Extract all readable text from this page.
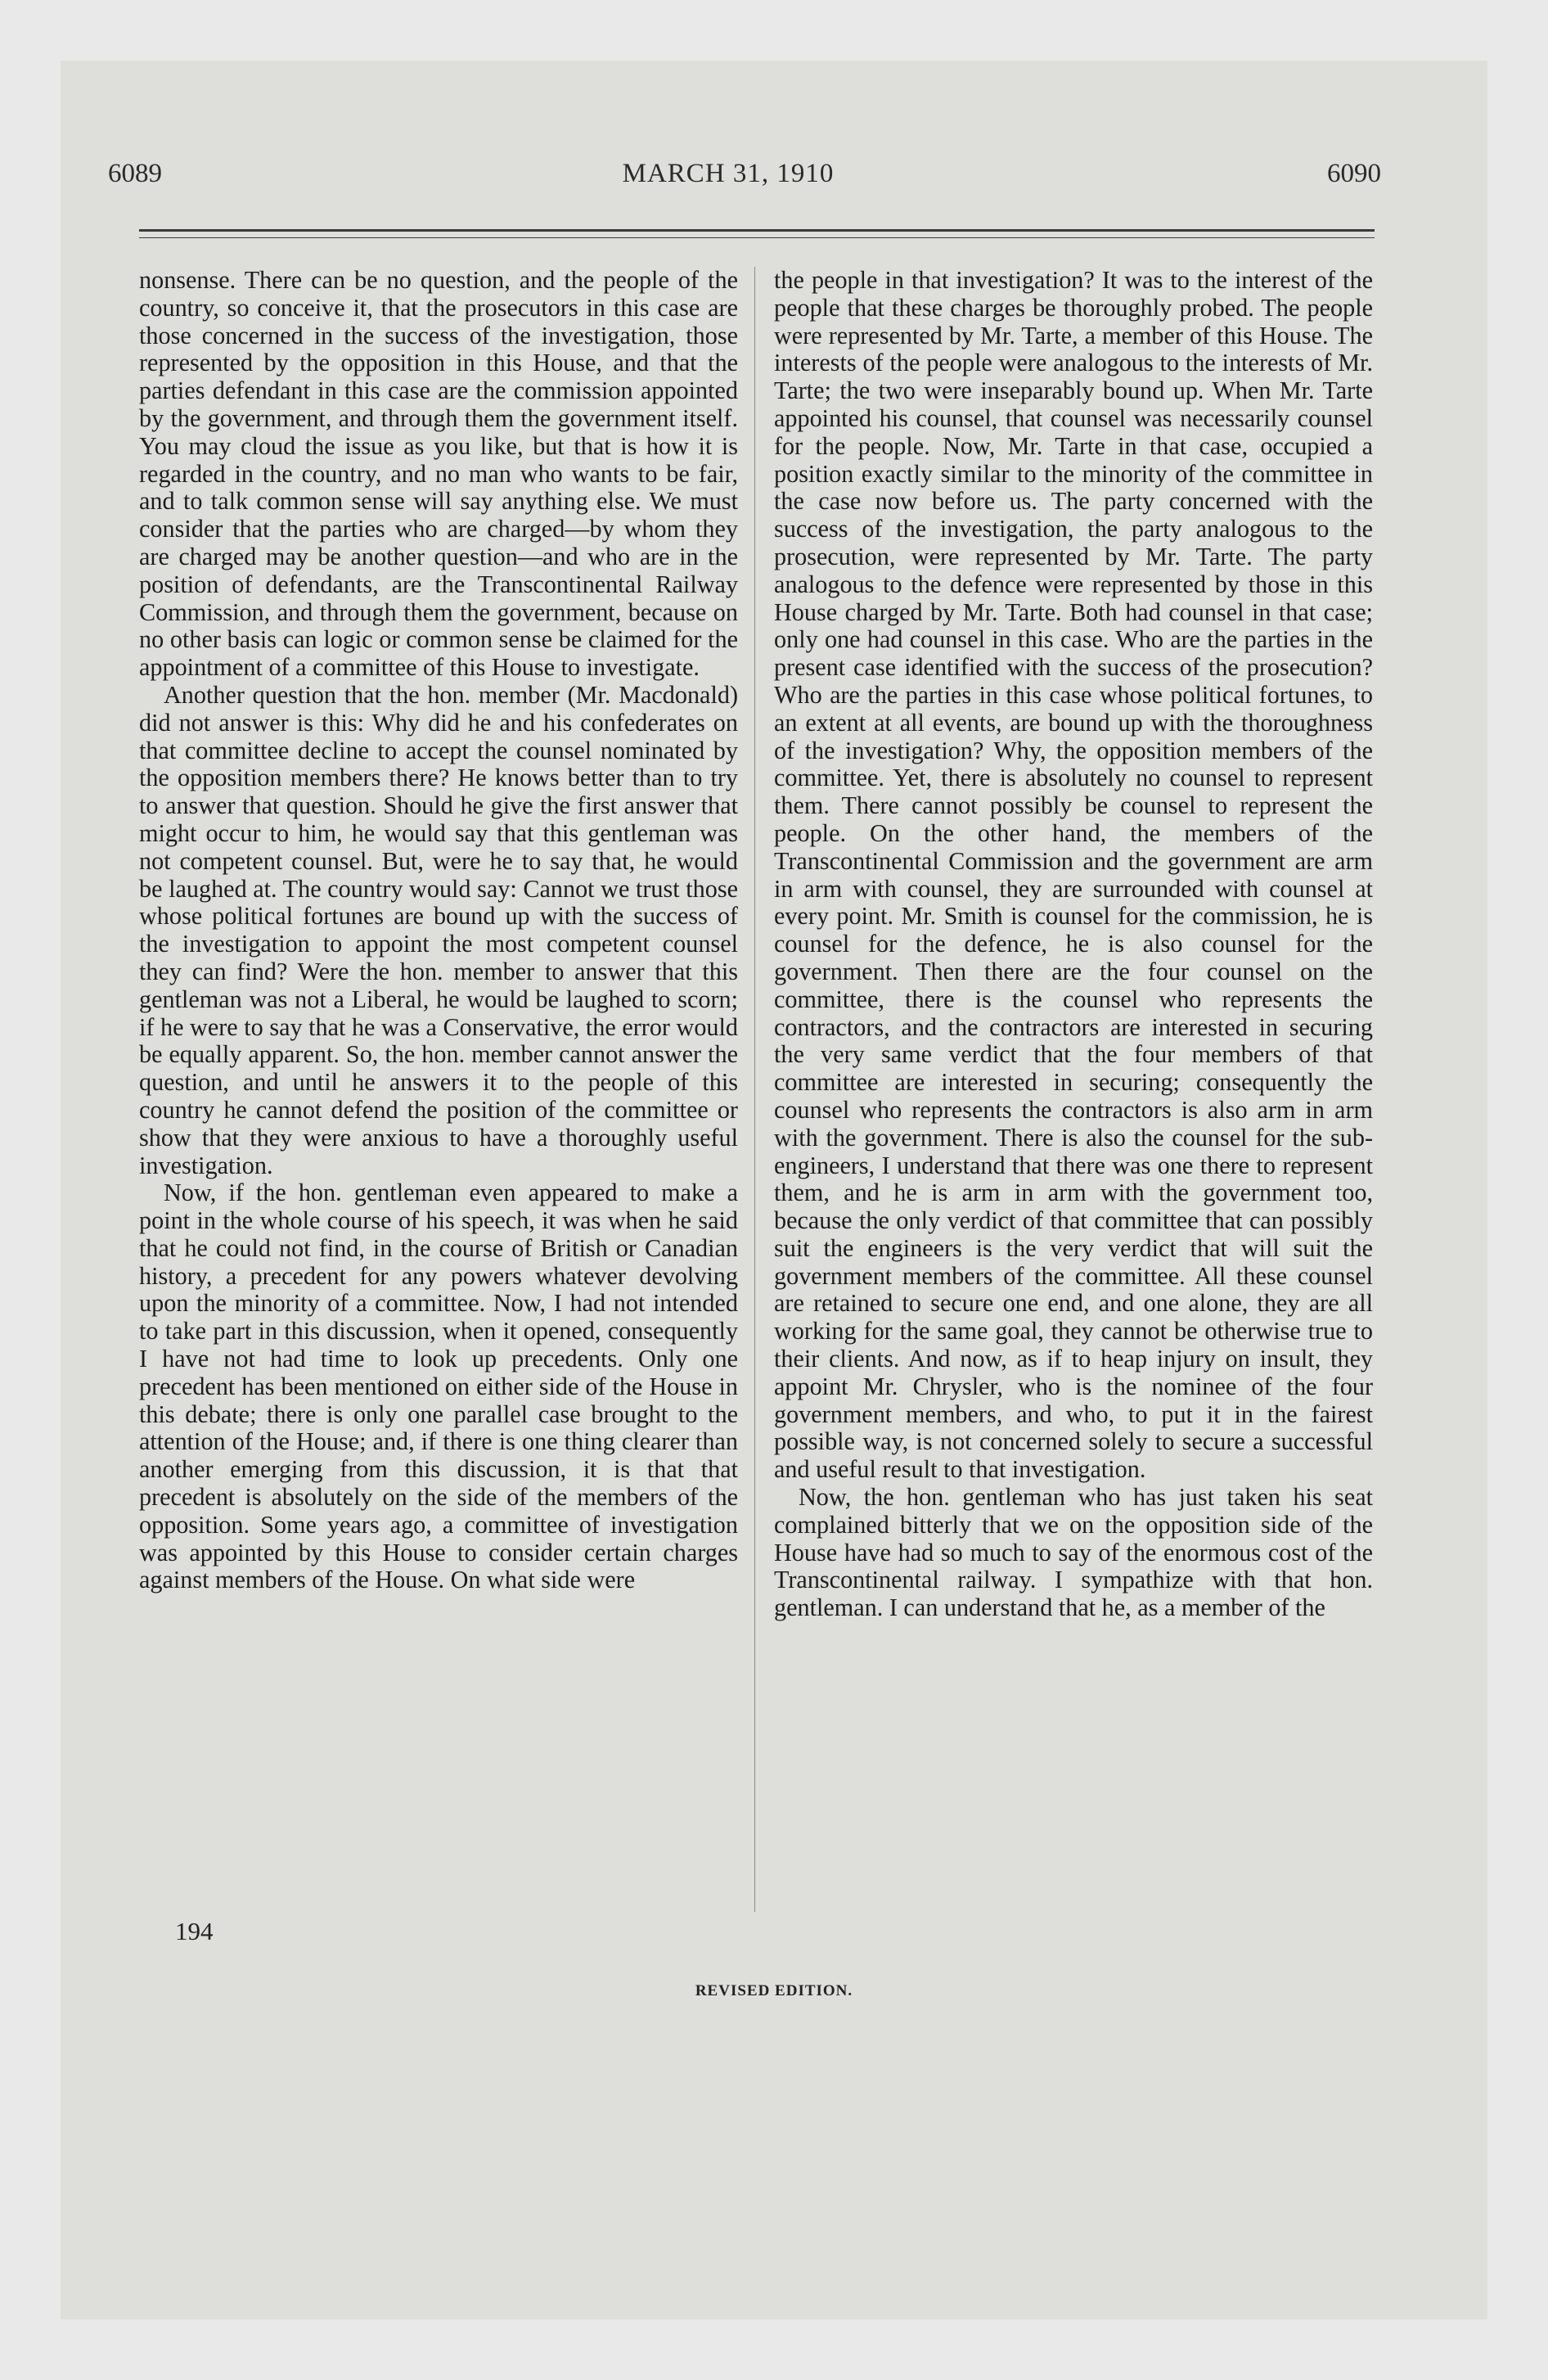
6089	MARCH 31, 1910	6090

nonsense. There can be no question, and the people of the country, so conceive it, that the prosecutors in this case are those concerned in the success of the investigation, those represented by the opposition in this House, and that the parties defendant in this case are the commission appointed by the government, and through them the government itself. You may cloud the issue as you like, but that is how it is regarded in the country, and no man who wants to be fair, and to talk common sense will say anything else. We must consider that the parties who are charged—by whom they are charged may be another question—and who are in the position of defendants, are the Transcontinental Railway Commission, and through them the government, because on no other basis can logic or common sense be claimed for the appointment of a committee of this House to investigate.

Another question that the hon. member (Mr. Macdonald) did not answer is this: Why did he and his confederates on that committee decline to accept the counsel nominated by the opposition members there? He knows better than to try to answer that question. Should he give the first answer that might occur to him, he would say that this gentleman was not competent counsel. But, were he to say that, he would be laughed at. The country would say: Cannot we trust those whose political fortunes are bound up with the success of the investigation to appoint the most competent counsel they can find? Were the hon. member to answer that this gentleman was not a Liberal, he would be laughed to scorn; if he were to say that he was a Conservative, the error would be equally apparent. So, the hon. member cannot answer the question, and until he answers it to the people of this country he cannot defend the position of the committee or show that they were anxious to have a thoroughly useful investigation.

Now, if the hon. gentleman even appeared to make a point in the whole course of his speech, it was when he said that he could not find, in the course of British or Canadian history, a precedent for any powers whatever devolving upon the minority of a committee. Now, I had not intended to take part in this discussion, when it opened, consequently I have not had time to look up precedents. Only one precedent has been mentioned on either side of the House in this debate; there is only one parallel case brought to the attention of the House; and, if there is one thing clearer than another emerging from this discussion, it is that that precedent is absolutely on the side of the members of the opposition. Some years ago, a committee of investigation was appointed by this House to consider certain charges against members of the House. On what side were

the people in that investigation? It was to the interest of the people that these charges be thoroughly probed. The people were represented by Mr. Tarte, a member of this House. The interests of the people were analogous to the interests of Mr. Tarte; the two were inseparably bound up. When Mr. Tarte appointed his counsel, that counsel was necessarily counsel for the people. Now, Mr. Tarte in that case, occupied a position exactly similar to the minority of the committee in the case now before us. The party concerned with the success of the investigation, the party analogous to the prosecution, were represented by Mr. Tarte. The party analogous to the defence were represented by those in this House charged by Mr. Tarte. Both had counsel in that case; only one had counsel in this case. Who are the parties in the present case identified with the success of the prosecution? Who are the parties in this case whose political fortunes, to an extent at all events, are bound up with the thoroughness of the investigation? Why, the opposition members of the committee. Yet, there is absolutely no counsel to represent them. There cannot possibly be counsel to represent the people. On the other hand, the members of the Transcontinental Commission and the government are arm in arm with counsel, they are surrounded with counsel at every point. Mr. Smith is counsel for the commission, he is counsel for the defence, he is also counsel for the government. Then there are the four counsel on the committee, there is the counsel who represents the contractors, and the contractors are interested in securing the very same verdict that the four members of that committee are interested in securing; consequently the counsel who represents the contractors is also arm in arm with the government. There is also the counsel for the sub-engineers, I understand that there was one there to represent them, and he is arm in arm with the government too, because the only verdict of that committee that can possibly suit the engineers is the very verdict that will suit the government members of the committee. All these counsel are retained to secure one end, and one alone, they are all working for the same goal, they cannot be otherwise true to their clients. And now, as if to heap injury on insult, they appoint Mr. Chrysler, who is the nominee of the four government members, and who, to put it in the fairest possible way, is not concerned solely to secure a successful and useful result to that investigation.

Now, the hon. gentleman who has just taken his seat complained bitterly that we on the opposition side of the House have had so much to say of the enormous cost of the Transcontinental railway. I sympathize with that hon. gentleman. I can understand that he, as a member of the

194
REVISED EDITION.
